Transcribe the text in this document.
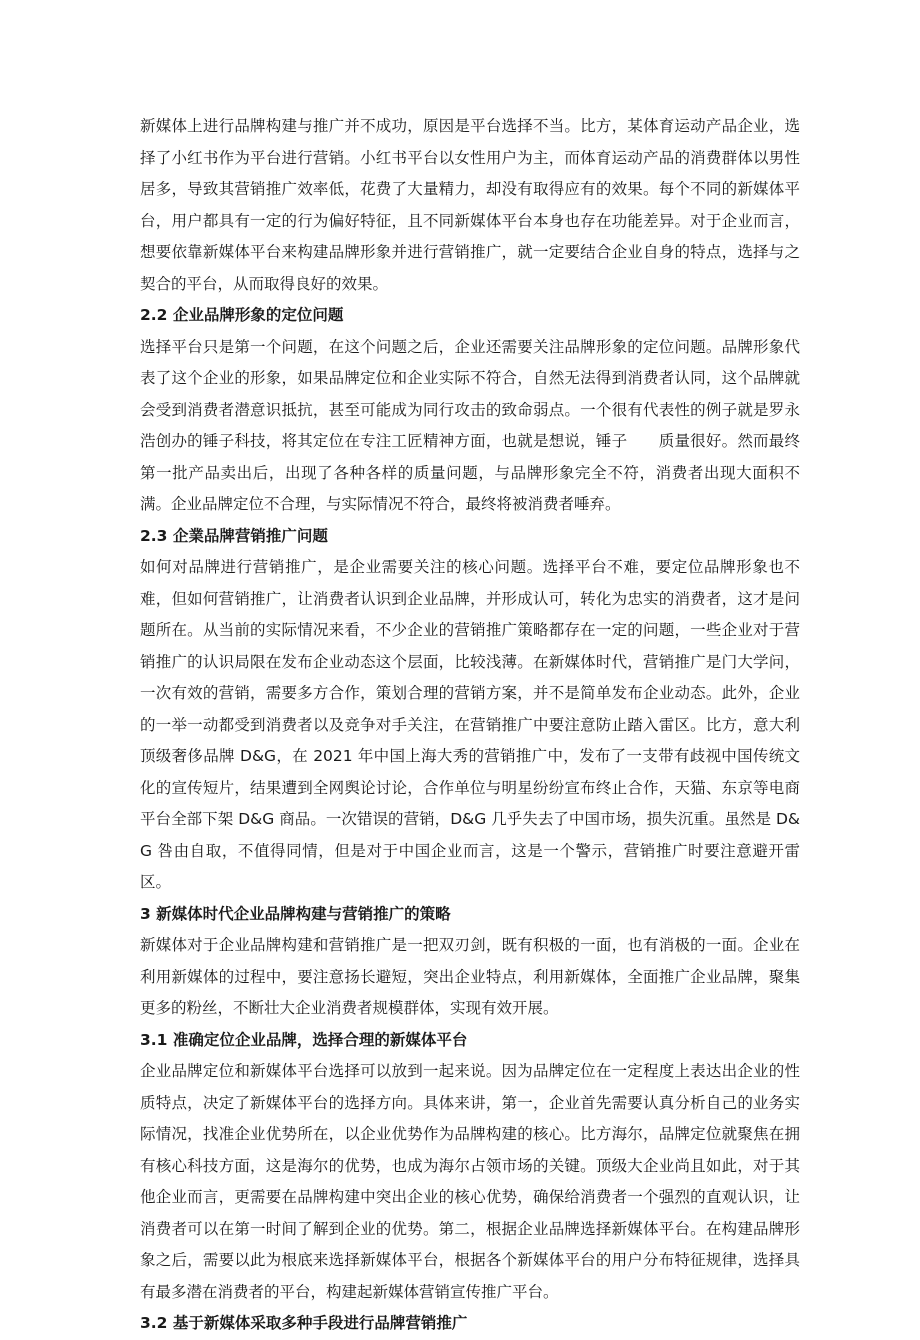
新媒体上进行品牌构建与推广并不成功，原因是平台选择不当。比方，某体育运动产品企业，选择了小红书作为平台进行营销。小红书平台以女性用户为主，而体育运动产品的消费群体以男性居多，导致其营销推广效率低，花费了大量精力，却没有取得应有的效果。每个不同的新媒体平台，用户都具有一定的行为偏好特征，且不同新媒体平台本身也存在功能差异。对于企业而言，想要依靠新媒体平台来构建品牌形象并进行营销推广，就一定要结合企业自身的特点，选择与之契合的平台，从而取得良好的效果。

2.2 企业品牌形象的定位问题

选择平台只是第一个问题，在这个问题之后，企业还需要关注品牌形象的定位问题。品牌形象代表了这个企业的形象，如果品牌定位和企业实际不符合，自然无法得到消费者认同，这个品牌就会受到消费者潜意识抵抗，甚至可能成为同行攻击的致命弱点。一个很有代表性的例子就是罗永浩创办的锤子科技，将其定位在专注工匠精神方面，也就是想说，锤子　　质量很好。然而最终第一批产品卖出后，出现了各种各样的质量问题，与品牌形象完全不符，消费者出现大面积不满。企业品牌定位不合理，与实际情况不符合，最终将被消费者唾弃。

2.3 企業品牌营销推广问题

如何对品牌进行营销推广，是企业需要关注的核心问题。选择平台不难，要定位品牌形象也不难，但如何营销推广，让消费者认识到企业品牌，并形成认可，转化为忠实的消费者，这才是问题所在。从当前的实际情况来看，不少企业的营销推广策略都存在一定的问题，一些企业对于营销推广的认识局限在发布企业动态这个层面，比较浅薄。在新媒体时代，营销推广是门大学问，一次有效的营销，需要多方合作，策划合理的营销方案，并不是简单发布企业动态。此外，企业的一举一动都受到消费者以及竞争对手关注，在营销推广中要注意防止踏入雷区。比方，意大利顶级奢侈品牌 D&G，在 2021 年中国上海大秀的营销推广中，发布了一支带有歧视中国传统文化的宣传短片，结果遭到全网舆论讨论，合作单位与明星纷纷宣布终止合作，天猫、东京等电商平台全部下架 D&G 商品。一次错误的营销，D&G 几乎失去了中国市场，损失沉重。虽然是 D&G 咎由自取，不值得同情，但是对于中国企业而言，这是一个警示，营销推广时要注意避开雷区。

3 新媒体时代企业品牌构建与营销推广的策略

新媒体对于企业品牌构建和营销推广是一把双刃剑，既有积极的一面，也有消极的一面。企业在利用新媒体的过程中，要注意扬长避短，突出企业特点，利用新媒体，全面推广企业品牌，聚集更多的粉丝，不断壮大企业消费者规模群体，实现有效开展。

3.1 准确定位企业品牌，选择合理的新媒体平台

企业品牌定位和新媒体平台选择可以放到一起来说。因为品牌定位在一定程度上表达出企业的性质特点，决定了新媒体平台的选择方向。具体来讲，第一，企业首先需要认真分析自己的业务实际情况，找准企业优势所在，以企业优势作为品牌构建的核心。比方海尔，品牌定位就聚焦在拥有核心科技方面，这是海尔的优势，也成为海尔占领市场的关键。顶级大企业尚且如此，对于其他企业而言，更需要在品牌构建中突出企业的核心优势，确保给消费者一个强烈的直观认识，让消费者可以在第一时间了解到企业的优势。第二，根据企业品牌选择新媒体平台。在构建品牌形象之后，需要以此为根底来选择新媒体平台，根据各个新媒体平台的用户分布特征规律，选择具有最多潜在消费者的平台，构建起新媒体营销宣传推广平台。

3.2 基于新媒体采取多种手段进行品牌营销推广
